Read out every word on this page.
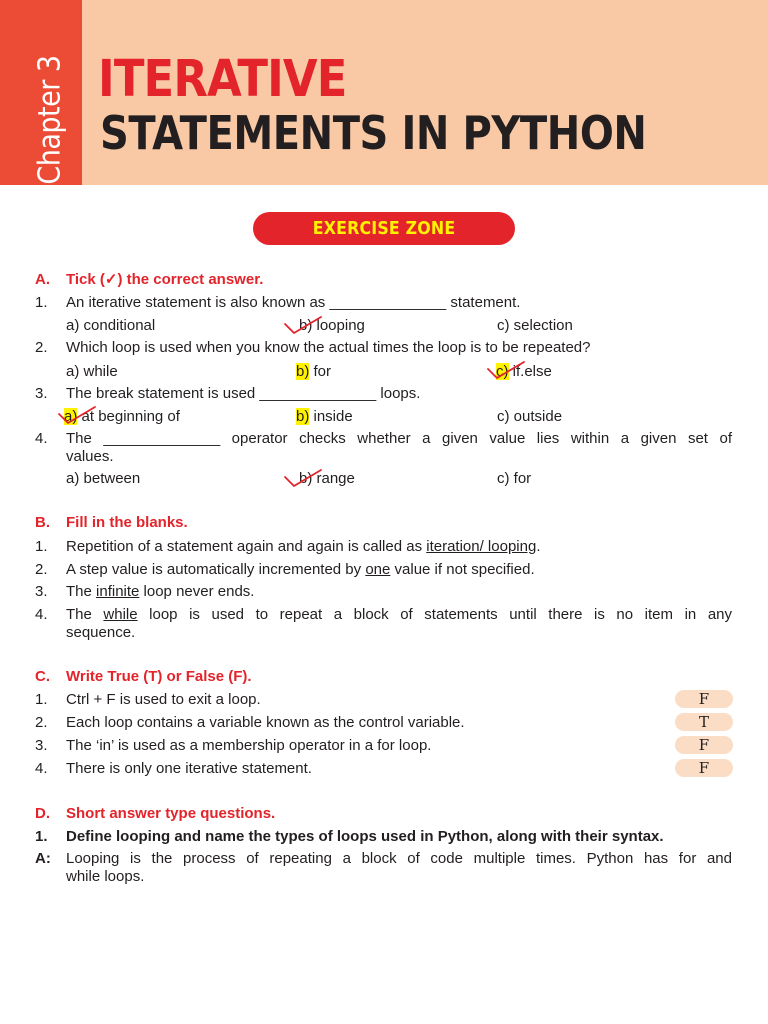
Chapter 3 ITERATIVE
STATEMENTS IN PYTHON
EXERCISE ZONE
A.	Tick (✓) the correct answer.
1.	An iterative statement is also known as ______________ statement.
a) conditional	b) looping	c) selection
2.	Which loop is used when you know the actual times the loop is to be repeated?
a) while	b) for	c) if.else
3.	The break statement is used ______________ loops.
a) at beginning of	b) inside	c) outside
4.	The ______________ operator checks whether a given value lies within a given set of
values.
a) between	b) range	c) for
B.	Fill in the blanks.
1.	Repetition of a statement again and again is called as iteration/ looping.
2.	A step value is automatically incremented by one value if not specified.
3.	The infinite loop never ends.
4.	The while loop is used to repeat a block of statements until there is no item in any
sequence.
C.	Write True (T) or False (F).
1.	Ctrl + F is used to exit a loop.	F
2.	Each loop contains a variable known as the control variable.	T
3.	The ‘in’ is used as a membership operator in a for loop.	F
4.	There is only one iterative statement.	F
D.	Short answer type questions.
1.	Define looping and name the types of loops used in Python, along with their syntax.
A:	Looping is the process of repeating a block of code multiple times. Python has for and
while loops.
